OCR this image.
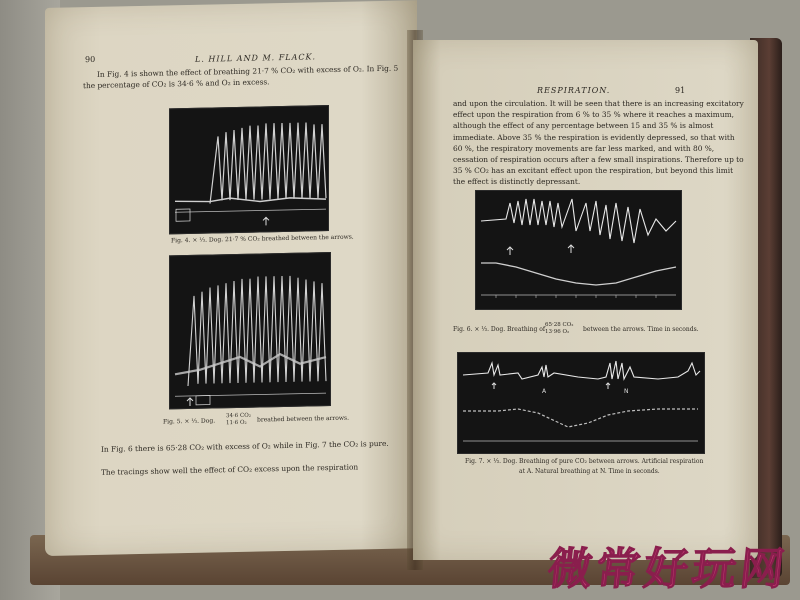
90	L. HILL AND M. FLACK.
In Fig. 4 is shown the effect of breathing 21·7 % CO₂ with excess of O₂. In Fig. 5 the percentage of CO₂ is 34·6 % and O₂ in excess.
Fig. 4. × ⅓. Dog. 21·7 % CO₂ breathed between the arrows.
Fig. 5. × ⅓. Dog.
34·6 CO₂
11·6 O₂ breathed between the arrows.
In Fig. 6 there is 65·28 CO₂ with excess of O₂ while in Fig. 7 the CO₂ is pure.
The tracings show well the effect of CO₂ excess upon the respiration
RESPIRATION.	91
and upon the circulation. It will be seen that there is an increasing excitatory effect upon the respiration from 6 % to 35 % where it reaches a maximum, although the effect of any percentage between 15 and 35 % is almost immediate. Above 35 % the respiration is evidently depressed, so that with 60 %, the respiratory movements are far less marked, and with 80 %, cessation of respiration occurs after a few small inspirations. Therefore up to 35 % CO₂ has an excitant effect upon the respiration, but beyond this limit the effect is distinctly depressant.
Fig. 6. × ⅓. Dog. Breathing of
65·28 CO₂
13·96 O₂ between the arrows. Time in seconds.
A	N
Fig. 7. × ⅓. Dog. Breathing of pure CO₂ between arrows. Artificial respiration
at A. Natural breathing at N. Time in seconds.
微常好玩网
